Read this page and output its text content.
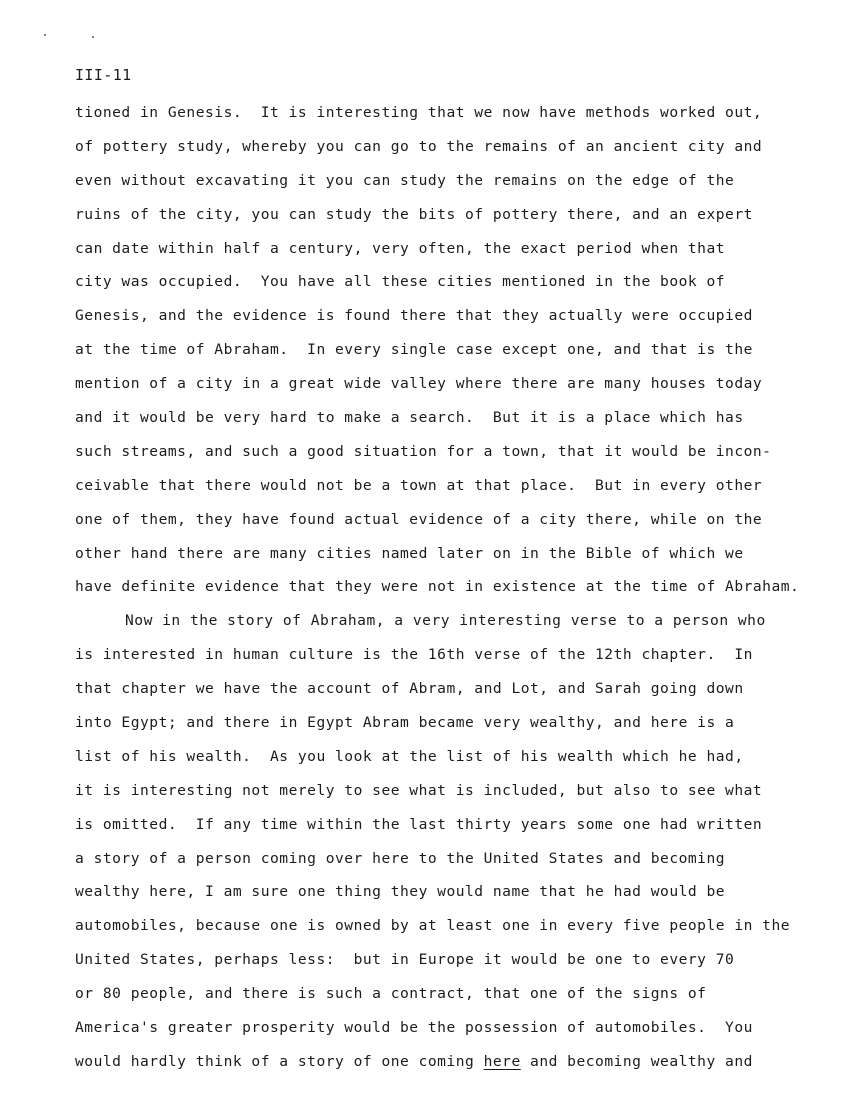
III-11
tioned in Genesis.  It is interesting that we now have methods worked out,
of pottery study, whereby you can go to the remains of an ancient city and
even without excavating it you can study the remains on the edge of the
ruins of the city, you can study the bits of pottery there, and an expert
can date within half a century, very often, the exact period when that
city was occupied.  You have all these cities mentioned in the book of
Genesis, and the evidence is found there that they actually were occupied
at the time of Abraham.  In every single case except one, and that is the
mention of a city in a great wide valley where there are many houses today
and it would be very hard to make a search.  But it is a place which has
such streams, and such a good situation for a town, that it would be incon-
ceivable that there would not be a town at that place.  But in every other
one of them, they have found actual evidence of a city there, while on the
other hand there are many cities named later on in the Bible of which we
have definite evidence that they were not in existence at the time of Abraham.
Now in the story of Abraham, a very interesting verse to a person who
is interested in human culture is the 16th verse of the 12th chapter.  In
that chapter we have the account of Abram, and Lot, and Sarah going down
into Egypt; and there in Egypt Abram became very wealthy, and here is a
list of his wealth.  As you look at the list of his wealth which he had,
it is interesting not merely to see what is included, but also to see what
is omitted.  If any time within the last thirty years some one had written
a story of a person coming over here to the United States and becoming
wealthy here, I am sure one thing they would name that he had would be
automobiles, because one is owned by at least one in every five people in the
United States, perhaps less:  but in Europe it would be one to every 70
or 80 people, and there is such a contract, that one of the signs of
America's greater prosperity would be the possession of automobiles.  You
would hardly think of a story of one coming here and becoming wealthy and
